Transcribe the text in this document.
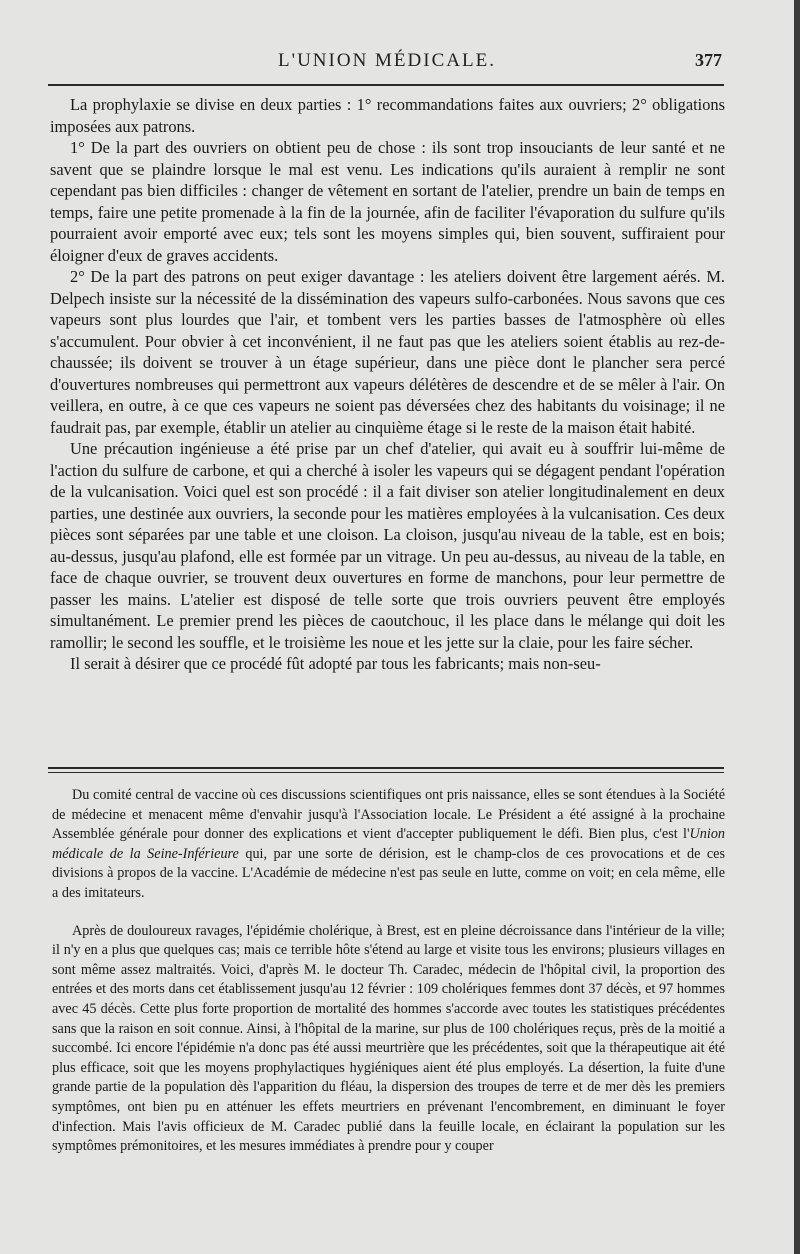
L'UNION MÉDICALE.	377

La prophylaxie se divise en deux parties : 1° recommandations faites aux ouvriers; 2° obligations imposées aux patrons.

1° De la part des ouvriers on obtient peu de chose : ils sont trop insouciants de leur santé et ne savent que se plaindre lorsque le mal est venu. Les indications qu'ils auraient à remplir ne sont cependant pas bien difficiles : changer de vêtement en sortant de l'atelier, prendre un bain de temps en temps, faire une petite promenade à la fin de la journée, afin de faciliter l'évaporation du sulfure qu'ils pourraient avoir emporté avec eux; tels sont les moyens simples qui, bien souvent, suffiraient pour éloigner d'eux de graves accidents.

2° De la part des patrons on peut exiger davantage : les ateliers doivent être largement aérés. M. Delpech insiste sur la nécessité de la dissémination des vapeurs sulfo-carbonées. Nous savons que ces vapeurs sont plus lourdes que l'air, et tombent vers les parties basses de l'atmosphère où elles s'accumulent. Pour obvier à cet inconvénient, il ne faut pas que les ateliers soient établis au rez-de-chaussée; ils doivent se trouver à un étage supérieur, dans une pièce dont le plancher sera percé d'ouvertures nombreuses qui permettront aux vapeurs délétères de descendre et de se mêler à l'air. On veillera, en outre, à ce que ces vapeurs ne soient pas déversées chez des habitants du voisinage; il ne faudrait pas, par exemple, établir un atelier au cinquième étage si le reste de la maison était habité.

Une précaution ingénieuse a été prise par un chef d'atelier, qui avait eu à souffrir lui-même de l'action du sulfure de carbone, et qui a cherché à isoler les vapeurs qui se dégagent pendant l'opération de la vulcanisation. Voici quel est son procédé : il a fait diviser son atelier longitudinalement en deux parties, une destinée aux ouvriers, la seconde pour les matières employées à la vulcanisation. Ces deux pièces sont séparées par une table et une cloison. La cloison, jusqu'au niveau de la table, est en bois; au-dessus, jusqu'au plafond, elle est formée par un vitrage. Un peu au-dessus, au niveau de la table, en face de chaque ouvrier, se trouvent deux ouvertures en forme de manchons, pour leur permettre de passer les mains. L'atelier est disposé de telle sorte que trois ouvriers peuvent être employés simultanément. Le premier prend les pièces de caoutchouc, il les place dans le mélange qui doit les ramollir; le second les souffle, et le troisième les noue et les jette sur la claie, pour les faire sécher.

Il serait à désirer que ce procédé fût adopté par tous les fabricants; mais non-seu-

Du comité central de vaccine où ces discussions scientifiques ont pris naissance, elles se sont étendues à la Société de médecine et menacent même d'envahir jusqu'à l'Association locale. Le Président a été assigné à la prochaine Assemblée générale pour donner des explications et vient d'accepter publiquement le défi. Bien plus, c'est l'Union médicale de la Seine-Inférieure qui, par une sorte de dérision, est le champ-clos de ces provocations et de ces divisions à propos de la vaccine. L'Académie de médecine n'est pas seule en lutte, comme on voit; en cela même, elle a des imitateurs.

Après de douloureux ravages, l'épidémie cholérique, à Brest, est en pleine décroissance dans l'intérieur de la ville; il n'y en a plus que quelques cas; mais ce terrible hôte s'étend au large et visite tous les environs; plusieurs villages en sont même assez maltraités. Voici, d'après M. le docteur Th. Caradec, médecin de l'hôpital civil, la proportion des entrées et des morts dans cet établissement jusqu'au 12 février : 109 cholériques femmes dont 37 décès, et 97 hommes avec 45 décès. Cette plus forte proportion de mortalité des hommes s'accorde avec toutes les statistiques précédentes sans que la raison en soit connue. Ainsi, à l'hôpital de la marine, sur plus de 100 cholériques reçus, près de la moitié a succombé. Ici encore l'épidémie n'a donc pas été aussi meurtrière que les précédentes, soit que la thérapeutique ait été plus efficace, soit que les moyens prophylactiques hygiéniques aient été plus employés. La désertion, la fuite d'une grande partie de la population dès l'apparition du fléau, la dispersion des troupes de terre et de mer dès les premiers symptômes, ont bien pu en atténuer les effets meurtriers en prévenant l'encombrement, en diminuant le foyer d'infection. Mais l'avis officieux de M. Caradec publié dans la feuille locale, en éclairant la population sur les symptômes prémonitoires, et les mesures immédiates à prendre pour y couper
